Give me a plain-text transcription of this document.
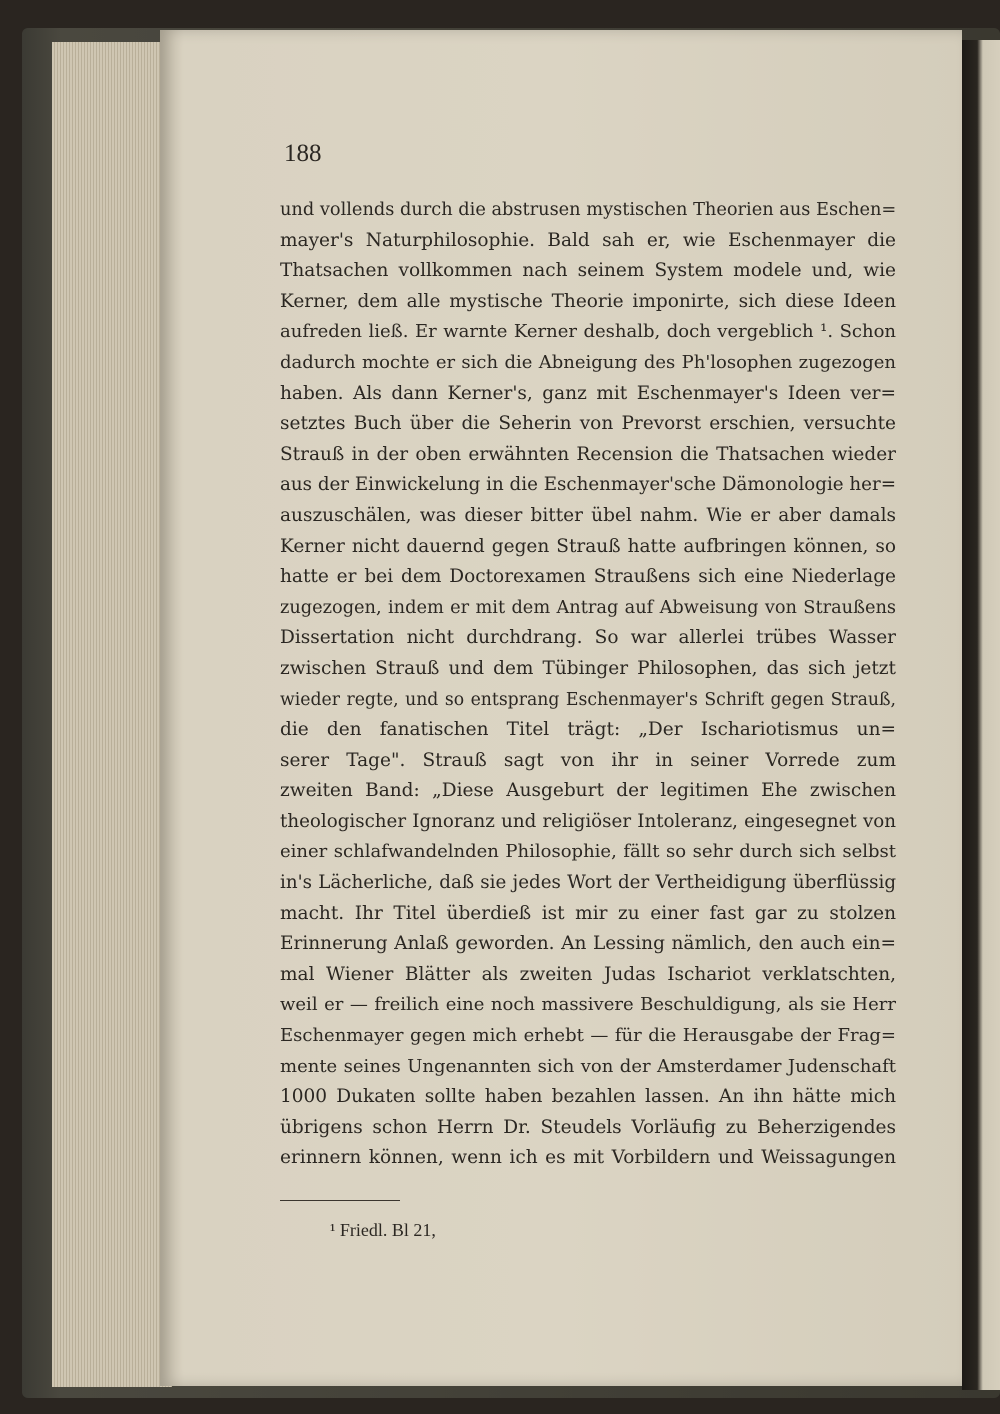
188
und vollends durch die abstrusen mystischen Theorien aus Eschen=
mayer's Naturphilosophie. Bald sah er, wie Eschenmayer die
Thatsachen vollkommen nach seinem System modele und, wie
Kerner, dem alle mystische Theorie imponirte, sich diese Ideen
aufreden ließ. Er warnte Kerner deshalb, doch vergeblich ¹. Schon
dadurch mochte er sich die Abneigung des Ph'losophen zugezogen
haben. Als dann Kerner's, ganz mit Eschenmayer's Ideen ver=
setztes Buch über die Seherin von Prevorst erschien, versuchte
Strauß in der oben erwähnten Recension die Thatsachen wieder
aus der Einwickelung in die Eschenmayer'sche Dämonologie her=
auszuschälen, was dieser bitter übel nahm. Wie er aber damals
Kerner nicht dauernd gegen Strauß hatte aufbringen können, so
hatte er bei dem Doctorexamen Straußens sich eine Niederlage
zugezogen, indem er mit dem Antrag auf Abweisung von Straußens
Dissertation nicht durchdrang. So war allerlei trübes Wasser
zwischen Strauß und dem Tübinger Philosophen, das sich jetzt
wieder regte, und so entsprang Eschenmayer's Schrift gegen Strauß,
die den fanatischen Titel trägt: „Der Ischariotismus un=
serer Tage". Strauß sagt von ihr in seiner Vorrede zum
zweiten Band: „Diese Ausgeburt der legitimen Ehe zwischen
theologischer Ignoranz und religiöser Intoleranz, eingesegnet von
einer schlafwandelnden Philosophie, fällt so sehr durch sich selbst
in's Lächerliche, daß sie jedes Wort der Vertheidigung überflüssig
macht. Ihr Titel überdieß ist mir zu einer fast gar zu stolzen
Erinnerung Anlaß geworden. An Lessing nämlich, den auch ein=
mal Wiener Blätter als zweiten Judas Ischariot verklatschten,
weil er — freilich eine noch massivere Beschuldigung, als sie Herr
Eschenmayer gegen mich erhebt — für die Herausgabe der Frag=
mente seines Ungenannten sich von der Amsterdamer Judenschaft
1000 Dukaten sollte haben bezahlen lassen. An ihn hätte mich
übrigens schon Herrn Dr. Steudels Vorläufig zu Beherzigendes
erinnern können, wenn ich es mit Vorbildern und Weissagungen
¹ Friedl. Bl 21,
